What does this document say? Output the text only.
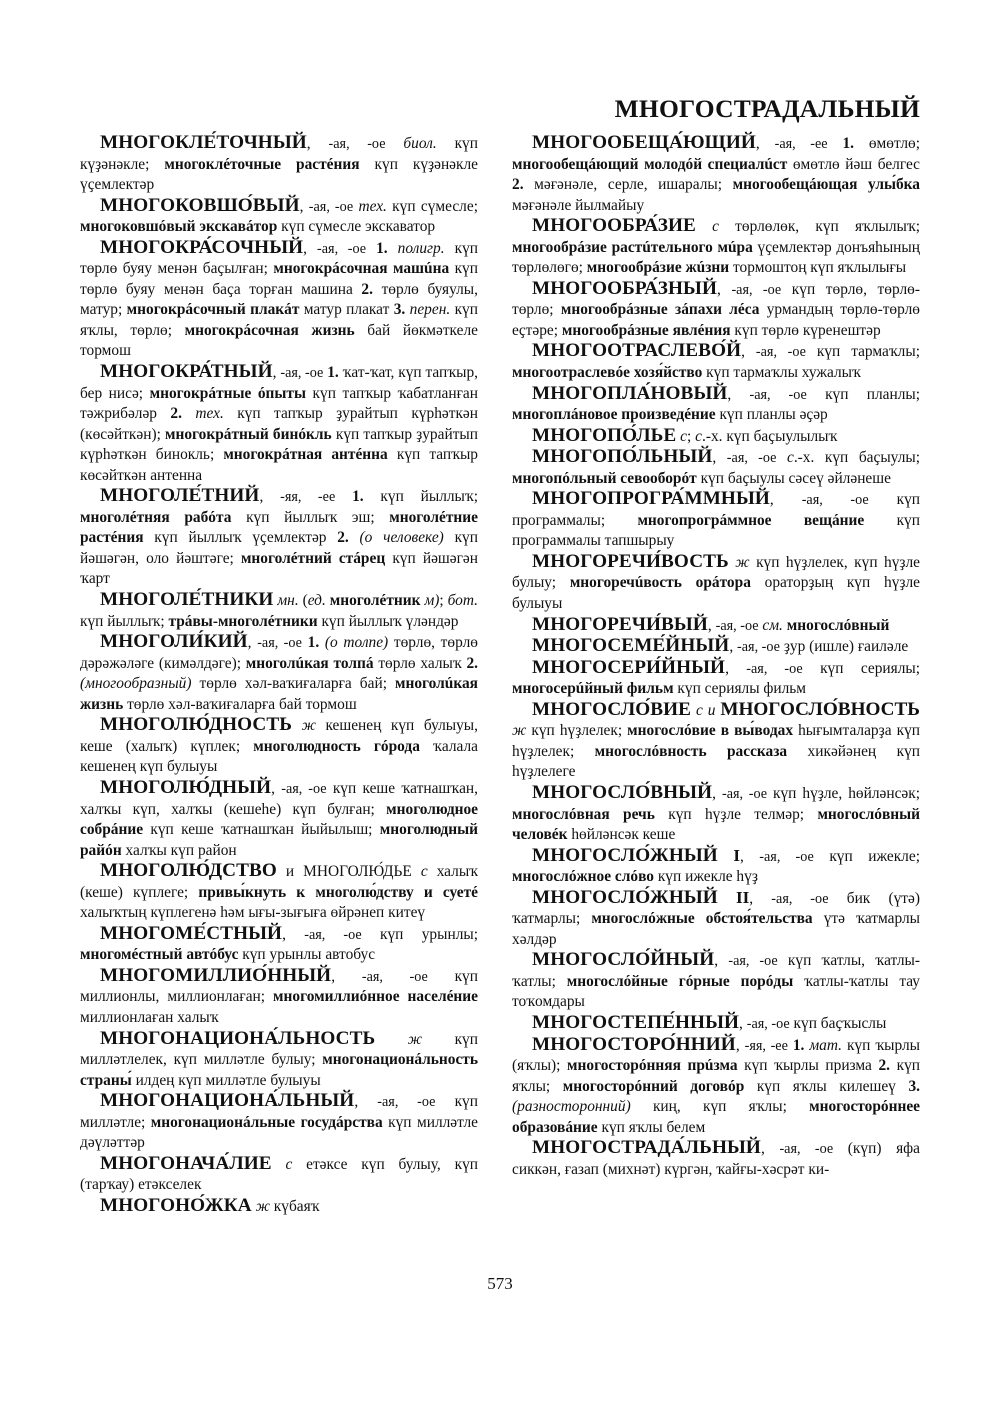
МНОГОСТРАДАЛЬНЫЙ

МНОГОКЛЕ́ТОЧНЫЙ, -ая, -ое биол. күп күҙәнәкле; многоклéточные растéния күп күҙәнәкле үҫемлектәр

МНОГОКОВШО́ВЫЙ, -ая, -ое тех. күп сүмесле; многоковшóвый экскавáтор күп сүмесле экскаватор

МНОГОКРА́СОЧНЫЙ, -ая, -ое 1. полигр. күп төрлө буяу менән баҫылған; многокрáсочная машúна күп төрлө буяу менән баҫа торған машина 2. төрлө буяулы, матур; многокрáсочный плакáт матур плакат 3. перен. күп яҡлы, төрлө; многокрáсочная жизнь бай йөкмәткеле тормош

МНОГОКРА́ТНЫЙ, -ая, -ое 1. ҡат-ҡат, күп тапҡыр, бер нисә; многокрáтные óпыты күп тапҡыр ҡабатланған тәжрибәләр 2. тех. күп тапҡыр ҙурайтып күрһәткән (көсәйткән); многокрáтный бинóкль күп тапҡыр ҙурайтып күрһәткән бинокль; многокрáтная антéнна күп тапҡыр көсәйткән антенна

МНОГОЛЕ́ТНИЙ, -яя, -ее 1. күп йыллыҡ; многолéтняя рабóта күп йыллыҡ эш; многолéтние растéния күп йыллыҡ үҫемлектәр 2. (о человеке) күп йәшәгән, оло йәштәге; многолéтний стáрец күп йәшәгән ҡарт

МНОГОЛЕ́ТНИКИ мн. (ед. многолéтник м); бот. күп йыллыҡ; трáвы-многолéтники күп йыллыҡ үләндәр

МНОГОЛИ́КИЙ, -ая, -ое 1. (о толпе) төрлө, төрлө дәрәжәләге (кимәлдәге); многолúкая толпá төрлө халыҡ 2. (многообразный) төрлө хәл-ваҡиғаларға бай; многолúкая жизнь төрлө хәл-ваҡиғаларға бай тормош

МНОГОЛЮ́ДНОСТЬ ж кешенең күп булыуы, кеше (халыҡ) күплек; многолюдность гóрода ҡалала кешенең күп булыуы

МНОГОЛЮ́ДНЫЙ, -ая, -ое күп кеше ҡатнашҡан, халҡы күп, халҡы (кешеһе) күп булған; многолюдное собрáние күп кеше ҡатнашҡан йыйылыш; многолюдный райóн халҡы күп район

МНОГОЛЮ́ДСТВО и МНОГОЛЮ́ДЬЕ с халыҡ (кеше) күплеге; привы́кнуть к многолю́дству и суетé халыҡтың күплегенә һәм ығы-зығыға өйрәнеп китеү

МНОГОМЕ́СТНЫЙ, -ая, -ое күп урынлы; многомéстный автóбус күп урынлы автобус

МНОГОМИЛЛИО́ННЫЙ, -ая, -ое күп миллионлы, миллионлаған; многомиллиóнное населéние миллионлаған халыҡ

МНОГОНАЦИОНА́ЛЬНОСТЬ ж күп милләтлелек, күп милләтле булыу; многонационáльность страны́ илдең күп милләтле булыуы

МНОГОНАЦИОНА́ЛЬНЫЙ, -ая, -ое күп милләтле; многонационáльные госудáрства күп милләтле дәүләттәр

МНОГОНАЧА́ЛИЕ с етәксе күп булыу, күп (тарҡау) етәкселек

МНОГОНО́ЖКА ж күбаяҡ

МНОГООБЕЩА́ЮЩИЙ, -ая, -ее 1. өмөтлө; многообещáющий молодóй специалúст өмөтлө йәш белгес 2. мәғәнәле, серле, ишаралы; многообещáющая улы́бка мәғәнәле йылмайыу

МНОГООБРА́ЗИЕ с төрлөлөк, күп яҡлылыҡ; многообрáзие растúтельного мúра үҫемлектәр донъяһының төрлөлөгө; многообрáзие жúзни тормоштоң күп яҡлылығы

МНОГООБРА́ЗНЫЙ, -ая, -ое күп төрлө, төрлө-төрлө; многообрáзные зáпахи лéса урмандың төрлө-төрлө еҫтәре; многообрáзные явлéния күп төрлө күренештәр

МНОГООТРАСЛЕВО́Й, -ая, -ое күп тармаҡлы; многоотраслевóе хозя́йство күп тармаҡлы хужалыҡ

МНОГОПЛА́НОВЫЙ, -ая, -ое күп планлы; многоплáновое произведéние күп планлы әҫәр

МНОГОПО́ЛЬЕ с; с.-х. күп баҫыулылыҡ

МНОГОПО́ЛЬНЫЙ, -ая, -ое с.-х. күп баҫыулы; многопóльный севооборóт күп баҫыулы сәсеү әйләнеше

МНОГОПРОГРА́ММНЫЙ, -ая, -ое күп программалы; многопрогрáммное вещáние күп программалы тапшырыу

МНОГОРЕЧИ́ВОСТЬ ж күп һүҙлелек, күп һүҙле булыу; многоречúвость орáтора ораторҙың күп һүҙле булыуы

МНОГОРЕЧИ́ВЫЙ, -ая, -ое см. многослóвный

МНОГОСЕМЕ́ЙНЫЙ, -ая, -ое ҙур (ишле) ғаиләле

МНОГОСЕРИ́ЙНЫЙ, -ая, -ое күп сериялы; многосерúйный фильм күп сериялы фильм

МНОГОСЛО́ВИЕ с и МНОГОСЛО́ВНОСТЬ ж күп һүҙлелек; многослóвие в вы́водах һығымталарҙа күп һүҙлелек; многослóвность рассказа хикәйәнең күп һүҙлелеге

МНОГОСЛО́ВНЫЙ, -ая, -ое күп һүҙле, һөйләнсәк; многослóвная речь күп һүҙле телмәр; многослóвный человéк һөйләнсәк кеше

МНОГОСЛО́ЖНЫЙ I, -ая, -ое күп ижекле; многослóжное слóво күп ижекле һүҙ

МНОГОСЛО́ЖНЫЙ II, -ая, -ое бик (үтә) ҡатмарлы; многослóжные обстоя́тельства үтә ҡатмарлы хәлдәр

МНОГОСЛО́ЙНЫЙ, -ая, -ое күп ҡатлы, ҡатлы-ҡатлы; многослóйные гóрные порóды ҡатлы-ҡатлы тау тоҡомдары

МНОГОСТЕПЕ́ННЫЙ, -ая, -ое күп баҫҡыслы

МНОГОСТОРО́ННИЙ, -яя, -ее 1. мат. күп ҡырлы (яҡлы); многосторóнняя прúзма күп ҡырлы призма 2. күп яҡлы; многосторóнний договóр күп яҡлы килешеү 3. (разносторонний) киң, күп яҡлы; многосторóннее образовáние күп яҡлы белем

МНОГОСТРАДА́ЛЬНЫЙ, -ая, -ое (күп) яфа сиккән, ғазап (михнәт) күргән, ҡайғы-хәсрәт ки-

573
